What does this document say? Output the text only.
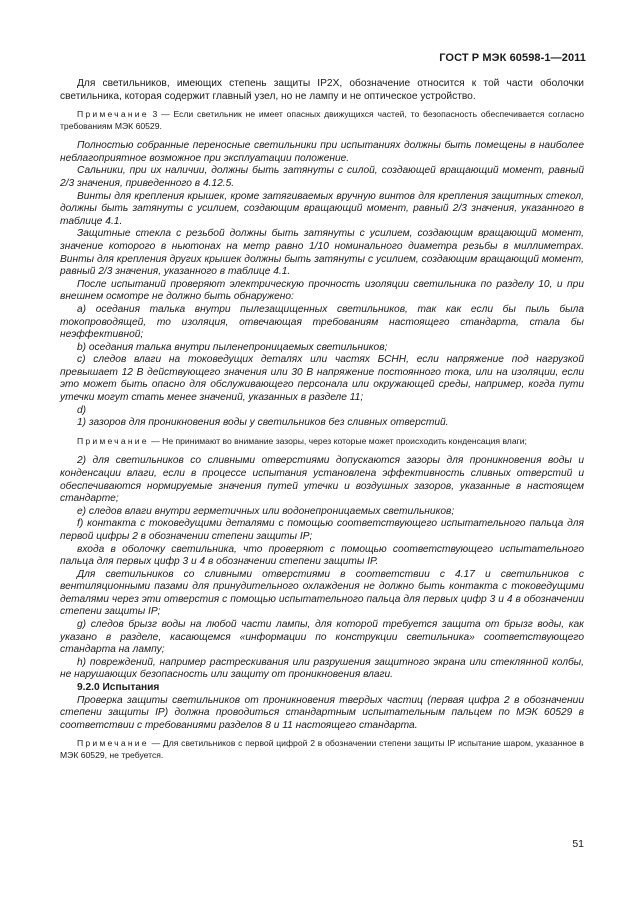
ГОСТ Р МЭК 60598-1—2011

Для светильников, имеющих степень защиты IP2X, обозначение относится к той части оболочки светильника, которая содержит главный узел, но не лампу и не оптическое устройство.

Примечание 3 — Если светильник не имеет опасных движущихся частей, то безопасность обеспечивается согласно требованиям МЭК 60529.

Полностью собранные переносные светильники при испытаниях должны быть помещены в наиболее неблагоприятное возможное при эксплуатации положение.

Сальники, при их наличии, должны быть затянуты с силой, создающей вращающий момент, равный 2/3 значения, приведенного в 4.12.5.

Винты для крепления крышек, кроме затягиваемых вручную винтов для крепления защитных стекол, должны быть затянуты с усилием, создающим вращающий момент, равный 2/3 значения, указанного в таблице 4.1.

Защитные стекла с резьбой должны быть затянуты с усилием, создающим вращающий момент, значение которого в ньютонах на метр равно 1/10 номинального диаметра резьбы в миллиметрах. Винты для крепления других крышек должны быть затянуты с усилием, создающим вращающий момент, равный 2/3 значения, указанного в таблице 4.1.

После испытаний проверяют электрическую прочность изоляции светильника по разделу 10, и при внешнем осмотре не должно быть обнаружено:

a) оседания талька внутри пылезащищенных светильников, так как если бы пыль была токопроводящей, то изоляция, отвечающая требованиям настоящего стандарта, стала бы неэффективной;

b) оседания талька внутри пыленепроницаемых светильников;

c) следов влаги на токоведущих деталях или частях БСНН, если напряжение под нагрузкой превышает 12 В действующего значения или 30 В напряжение постоянного тока, или на изоляции, если это может быть опасно для обслуживающего персонала или окружающей среды, например, когда пути утечки могут стать менее значений, указанных в разделе 11;

d)

1) зазоров для проникновения воды у светильников без сливных отверстий.

Примечание — Не принимают во внимание зазоры, через которые может происходить конденсация влаги;

2) для светильников со сливными отверстиями допускаются зазоры для проникновения воды и конденсации влаги, если в процессе испытания установлена эффективность сливных отверстий и обеспечиваются нормируемые значения путей утечки и воздушных зазоров, указанные в настоящем стандарте;

e) следов влаги внутри герметичных или водонепроницаемых светильников;

f) контакта с токоведущими деталями с помощью соответствующего испытательного пальца для первой цифры 2 в обозначении степени защиты IP;

входа в оболочку светильника, что проверяют с помощью соответствующего испытательного пальца для первых цифр 3 и 4 в обозначении степени защиты IP.

Для светильников со сливными отверстиями в соответствии с 4.17 и светильников с вентиляционными пазами для принудительного охлаждения не должно быть контакта с токоведущими деталями через эти отверстия с помощью испытательного пальца для первых цифр 3 и 4 в обозначении степени защиты IP;

g) следов брызг воды на любой части лампы, для которой требуется защита от брызг воды, как указано в разделе, касающемся «информации по конструкции светильника» соответствующего стандарта на лампу;

h) повреждений, например растрескивания или разрушения защитного экрана или стеклянной колбы, не нарушающих безопасность или защиту от проникновения влаги.

9.2.0 Испытания

Проверка защиты светильников от проникновения твердых частиц (первая цифра 2 в обозначении степени защиты IP) должна проводиться стандартным испытательным пальцем по МЭК 60529 в соответствии с требованиями разделов 8 и 11 настоящего стандарта.

Примечание — Для светильников с первой цифрой 2 в обозначении степени защиты IP испытание шаром, указанное в МЭК 60529, не требуется.

51
